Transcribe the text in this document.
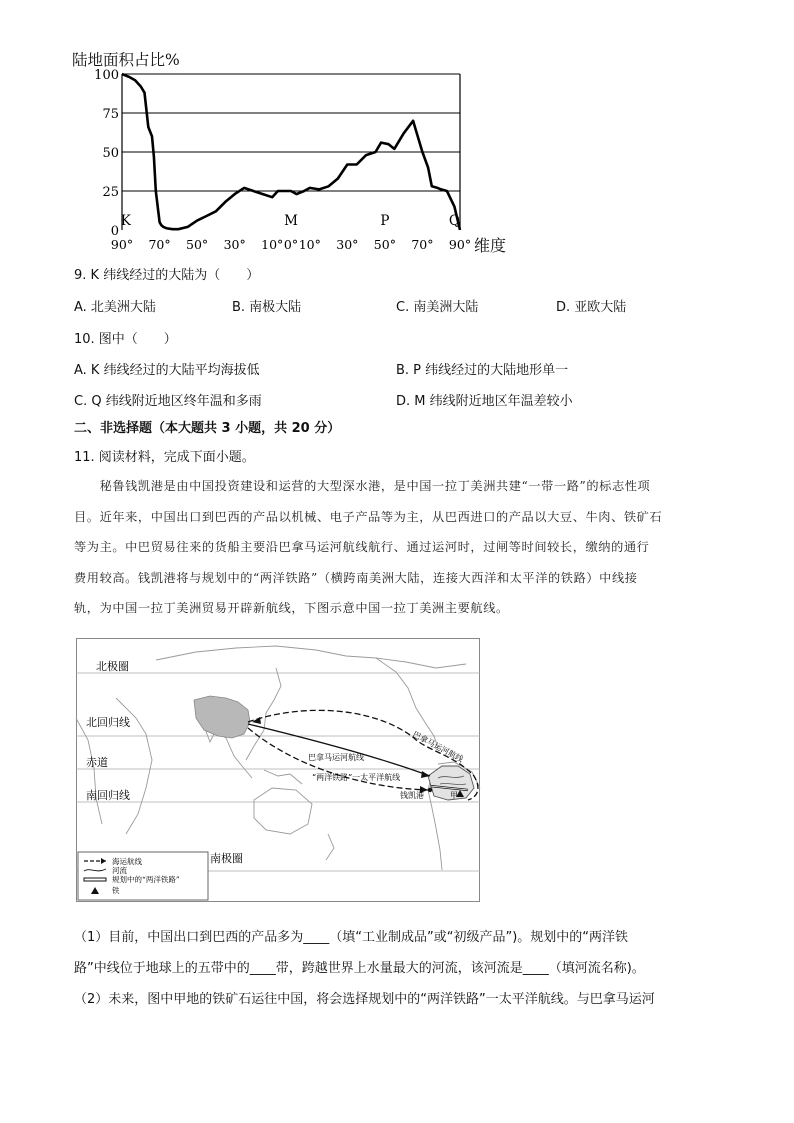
陆地面积占比%
100
75
50
25
0
90° 70° 50° 30° 10° 0° 10° 30° 50° 70° 90°
K	M	P	Q
维度
9. K 纬线经过的大陆为（　　）
A. 北美洲大陆	B. 南极大陆	C. 南美洲大陆	D. 亚欧大陆
10. 图中（　　）
A. K 纬线经过的大陆平均海拔低	B. P 纬线经过的大陆地形单一
C. Q 纬线附近地区终年温和多雨	D. M 纬线附近地区年温差较小
二、非选择题（本大题共 3 小题，共 20 分）
11. 阅读材料，完成下面小题。

　　秘鲁钱凯港是由中国投资建设和运营的大型深水港，是中国一拉丁美洲共建“一带一路”的标志性项

目。近年来，中国出口到巴西的产品以机械、电子产品等为主，从巴西进口的产品以大豆、牛肉、铁矿石

等为主。中巴贸易往来的货船主要沿巴拿马运河航线航行、通过运河时，过闸等时间较长，缴纳的通行

费用较高。钱凯港将与规划中的“两洋铁路”（横跨南美洲大陆，连接大西洋和太平洋的铁路）中线接

轨，为中国一拉丁美洲贸易开辟新航线，下图示意中国一拉丁美洲主要航线。

北极圈
北回归线
赤道
南回归线
南极圈
巴拿马运河航线
“两洋铁路”一太平洋航线
巴拿马运河航线
钱凯港	甲
海运航线
河流
规划中的“两洋铁路”
铁
（1）目前，中国出口到巴西的产品多为____（填“工业制成品”或“初级产品”)。规划中的“两洋铁
路”中线位于地球上的五带中的____带，跨越世界上水量最大的河流，该河流是____（填河流名称)。
（2）未来，图中甲地的铁矿石运往中国，将会选择规划中的“两洋铁路”一太平洋航线。与巴拿马运河
